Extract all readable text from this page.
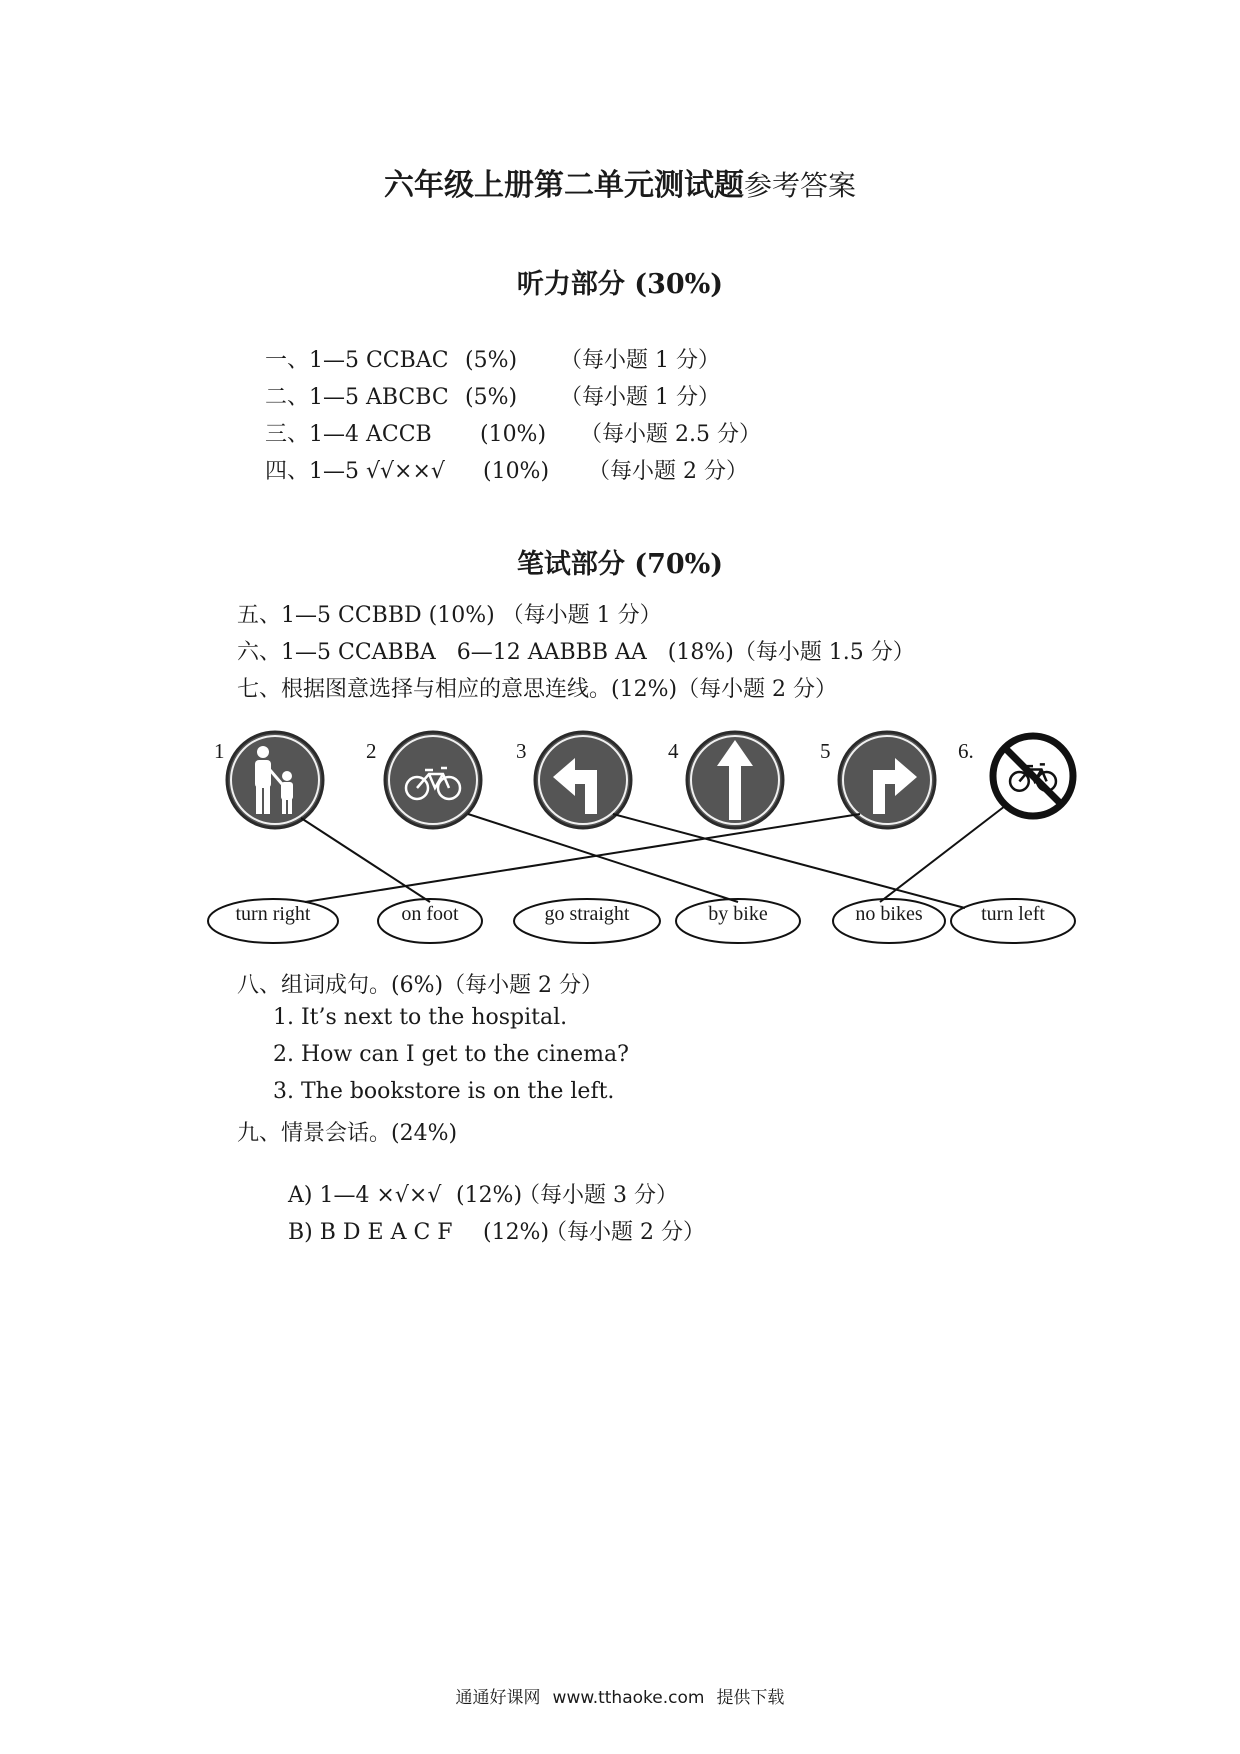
六年级上册第二单元测试题参考答案
听力部分 (30%)

一、1—5 CCBAC (5%) （每小题 1 分）

二、1—5 ABCBC (5%) （每小题 1 分）

三、1—4 ACCB (10%) （每小题 2.5 分）

四、1—5 √√××√ (10%) （每小题 2 分）

笔试部分 (70%)
五、1—5 CCBBD (10%) （每小题 1 分）
六、1—5 CCABBA   6—12 AABBB AA   (18%)（每小题 1.5 分）
七、根据图意选择与相应的意思连线。(12%)（每小题 2 分）
1	2	3	4	5	6.
turn right	on foot	go straight	by bike	no bikes	turn left
八、组词成句。(6%)（每小题 2 分）
1. It’s next to the hospital.
2. How can I get to the cinema?
3. The bookstore is on the left.
九、情景会话。(24%)

A) 1—4 ×√×√ (12%)（每小题 3 分）

B) B D E A C F (12%)（每小题 2 分）

通通好课网 www.tthaoke.com 提供下载
